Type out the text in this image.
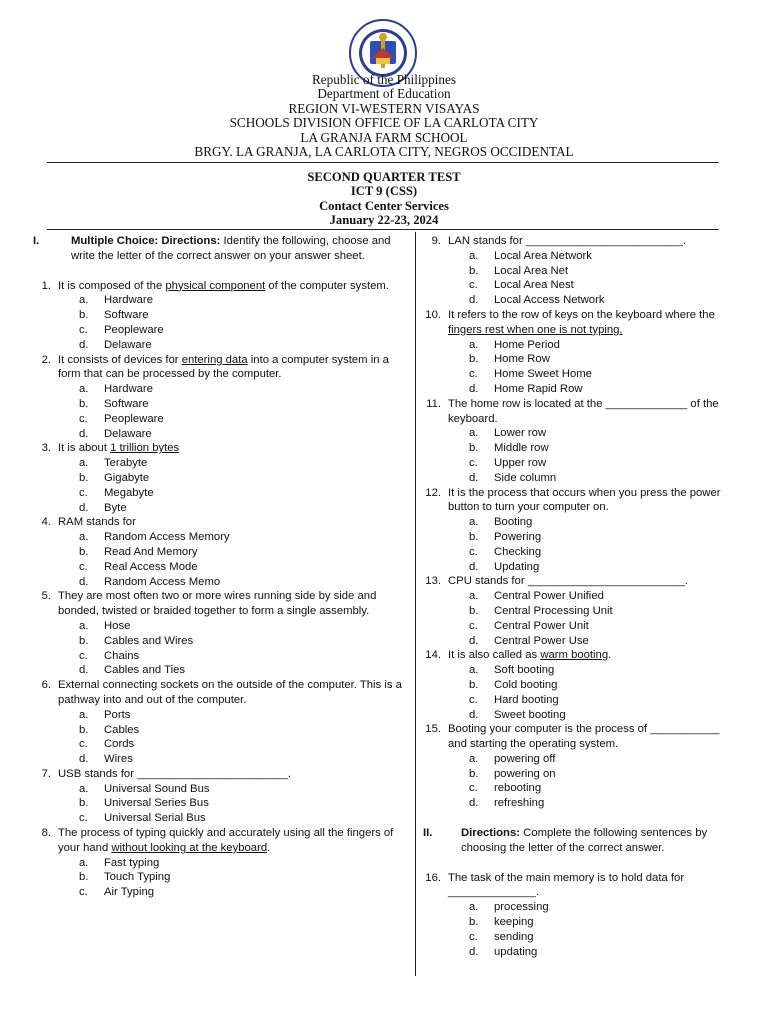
Republic of the Philippines
Department of Education
REGION VI-WESTERN VISAYAS
SCHOOLS DIVISION OFFICE OF LA CARLOTA CITY
LA GRANJA FARM SCHOOL
BRGY. LA GRANJA, LA CARLOTA CITY, NEGROS OCCIDENTAL
SECOND QUARTER TEST
ICT 9 (CSS)
Contact Center Services
January 22-23, 2024

I.	Multiple Choice: Directions: Identify the following, choose and write the letter of the correct answer on your answer sheet.

1. It is composed of the physical component of the computer system.

a. Hardware

b. Software

c. Peopleware

d. Delaware

2. It consists of devices for entering data into a computer system in a form that can be processed by the computer.

a. Hardware

b. Software

c. Peopleware

d. Delaware

3. It is about 1 trillion bytes

a. Terabyte

b. Gigabyte

c. Megabyte

d. Byte

4. RAM stands for

a. Random Access Memory

b. Read And Memory

c. Real Access Mode

d. Random Access Memo

5. They are most often two or more wires running side by side and bonded, twisted or braided together to form a single assembly.

a. Hose

b. Cables and Wires

c. Chains

d. Cables and Ties

6. External connecting sockets on the outside of the computer. This is a pathway into and out of the computer.

a. Ports

b. Cables

c. Cords

d. Wires

7. USB stands for ________________________.

a. Universal Sound Bus

b. Universal Series Bus

c. Universal Serial Bus

8. The process of typing quickly and accurately using all the fingers of your hand without looking at the keyboard.

a. Fast typing

b. Touch Typing

c. Air Typing

9. LAN stands for _________________________.

a. Local Area Network

b. Local Area Net

c. Local Area Nest

d. Local Access Network

10. It refers to the row of keys on the keyboard where the fingers rest when one is not typing.

a. Home Period

b. Home Row

c. Home Sweet Home

d. Home Rapid Row

11. The home row is located at the _____________ of the keyboard.

a. Lower row

b. Middle row

c. Upper row

d. Side column

12. It is the process that occurs when you press the power button to turn your computer on.

a. Booting

b. Powering

c. Checking

d. Updating

13. CPU stands for _________________________.

a. Central Power Unified

b. Central Processing Unit

c. Central Power Unit

d. Central Power Use

14. It is also called as warm booting.

a. Soft booting

b. Cold booting

c. Hard booting

d. Sweet booting

15. Booting your computer is the process of ___________ and starting the operating system.

a. powering off

b. powering on

c. rebooting

d. refreshing

II.	Directions: Complete the following sentences by choosing the letter of the correct answer.

16. The task of the main memory is to hold data for ______________.

a. processing

b. keeping

c. sending

d. updating
